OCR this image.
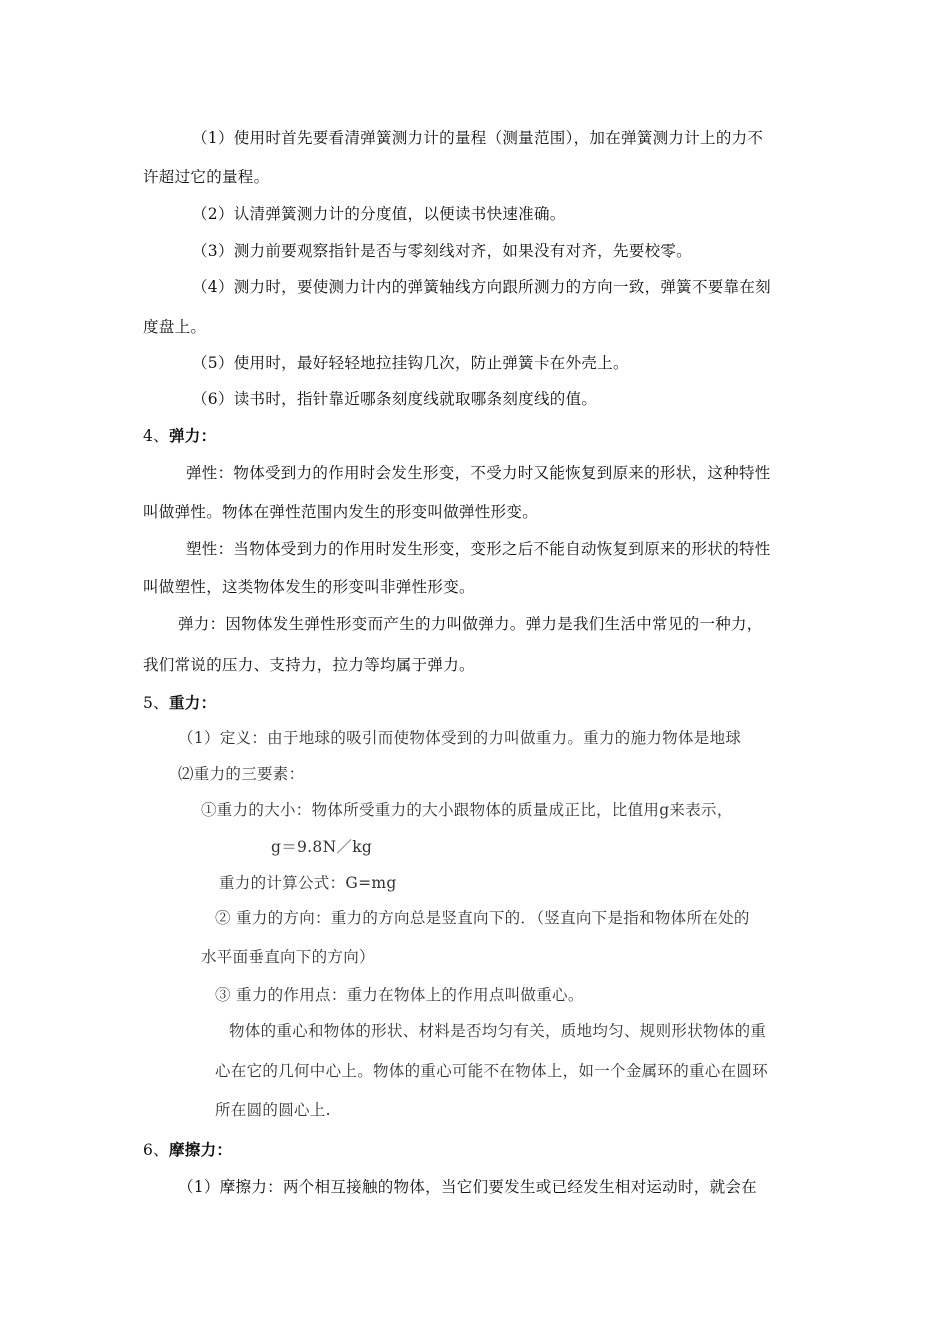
（1）使用时首先要看清弹簧测力计的量程（测量范围），加在弹簧测力计上的力不
许超过它的量程。
（2）认清弹簧测力计的分度值，以便读书快速准确。
（3）测力前要观察指针是否与零刻线对齐，如果没有对齐，先要校零。
（4）测力时，要使测力计内的弹簧轴线方向跟所测力的方向一致，弹簧不要靠在刻
度盘上。
（5）使用时，最好轻轻地拉挂钩几次，防止弹簧卡在外壳上。
（6）读书时，指针靠近哪条刻度线就取哪条刻度线的值。
4、弹力：
弹性：物体受到力的作用时会发生形变，不受力时又能恢复到原来的形状，这种特性
叫做弹性。物体在弹性范围内发生的形变叫做弹性形变。
塑性：当物体受到力的作用时发生形变，变形之后不能自动恢复到原来的形状的特性
叫做塑性，这类物体发生的形变叫非弹性形变。
弹力：因物体发生弹性形变而产生的力叫做弹力。弹力是我们生活中常见的一种力，
我们常说的压力、支持力，拉力等均属于弹力。
5、重力：
（1）定义：由于地球的吸引而使物体受到的力叫做重力。重力的施力物体是地球
⑵重力的三要素：
①重力的大小：物体所受重力的大小跟物体的质量成正比，比值用g来表示，
g＝9.8N／kg
重力的计算公式：G=mg
② 重力的方向：重力的方向总是竖直向下的．（竖直向下是指和物体所在处的
水平面垂直向下的方向）
③ 重力的作用点：重力在物体上的作用点叫做重心。
物体的重心和物体的形状、材料是否均匀有关，质地均匀、规则形状物体的重
心在它的几何中心上。物体的重心可能不在物体上，如一个金属环的重心在圆环
所在圆的圆心上.
6、摩擦力：
（1）摩擦力：两个相互接触的物体，当它们要发生或已经发生相对运动时，就会在
